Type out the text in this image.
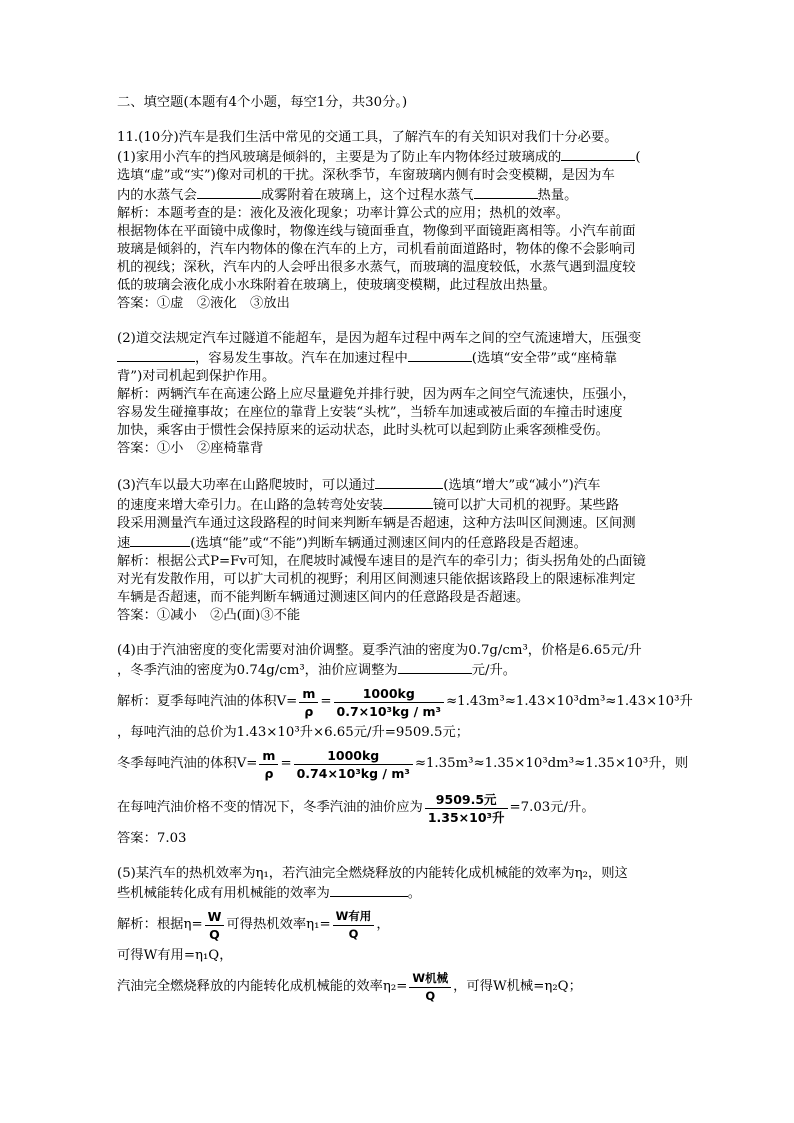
二、填空题(本题有4个小题，每空1分，共30分。)
11.(10分)汽车是我们生活中常见的交通工具，了解汽车的有关知识对我们十分必要。
(1)家用小汽车的挡风玻璃是倾斜的，主要是为了防止车内物体经过玻璃成的	(
选填“虚”或“实”)像对司机的干扰。深秋季节，车窗玻璃内侧有时会变模糊，是因为车
内的水蒸气会	成雾附着在玻璃上，这个过程水蒸气	热量。
解析：本题考查的是：液化及液化现象；功率计算公式的应用；热机的效率。
根据物体在平面镜中成像时，物像连线与镜面垂直，物像到平面镜距离相等。小汽车前面
玻璃是倾斜的，汽车内物体的像在汽车的上方，司机看前面道路时，物体的像不会影响司
机的视线；深秋，汽车内的人会呼出很多水蒸气，而玻璃的温度较低，水蒸气遇到温度较
低的玻璃会液化成小水珠附着在玻璃上，使玻璃变模糊，此过程放出热量。
答案：①虚　②液化　③放出
(2)道交法规定汽车过隧道不能超车，是因为超车过程中两车之间的空气流速增大，压强变
，容易发生事故。汽车在加速过程中	(选填“安全带”或“座椅靠
背”)对司机起到保护作用。
解析：两辆汽车在高速公路上应尽量避免并排行驶，因为两车之间空气流速快，压强小，
容易发生碰撞事故；在座位的靠背上安装“头枕”，当轿车加速或被后面的车撞击时速度
加快，乘客由于惯性会保持原来的运动状态，此时头枕可以起到防止乘客颈椎受伤。
答案：①小　②座椅靠背
(3)汽车以最大功率在山路爬坡时，可以通过	(选填“增大”或“减小”)汽车
的速度来增大牵引力。在山路的急转弯处安装	镜可以扩大司机的视野。某些路
段采用测量汽车通过这段路程的时间来判断车辆是否超速，这种方法叫区间测速。区间测
速	(选填“能”或“不能”)判断车辆通过测速区间内的任意路段是否超速。
解析：根据公式P=Fv可知，在爬坡时减慢车速目的是汽车的牵引力；街头拐角处的凸面镜
对光有发散作用，可以扩大司机的视野；利用区间测速只能依据该路段上的限速标准判定
车辆是否超速，而不能判断车辆通过测速区间内的任意路段是否超速。
答案：①减小　②凸(面)③不能
(4)由于汽油密度的变化需要对油价调整。夏季汽油的密度为0.7g/cm³，价格是6.65元/升
，冬季汽油的密度为0.74g/cm³，油价应调整为	元/升。
解析：夏季每吨汽油的体积$V= \frac{m}{\rho} = \frac{1000kg}{\text{0.7×10³kg / m³}} \approx 1.43m^3\approx 1.43\times 10^3dm^3\approx 1.43\times 10^3$升
，每吨汽油的总价为1.43×10³升×6.65元/升=9509.5元；
冬季每吨汽油的体积$V= \frac{m}{\rho} = \frac{1000kg}{\text{0.74×10³kg / m³}} \approx 1.35m^3\approx 1.35\times 10^3dm^3\approx 1.35\times 10^3$升，则
在每吨汽油价格不变的情况下，冬季汽油的油价应为 $\frac{\text{9509.5元}}{\text{1.35×10³升}} =7.03$元/升。
答案：7.03
(5)某汽车的热机效率为η₁，若汽油完全燃烧释放的内能转化成机械能的效率为η₂，则这
些机械能转化成有用机械能的效率为	。
解析：根据$\eta= \frac{W}{Q}$ 可得热机效率$\eta_1= \frac{\text{W有用}}{Q}$ ，
可得W有用=η₁Q，
汽油完全燃烧释放的内能转化成机械能的效率$\eta_2= \frac{\text{W机械}}{Q}$ ，可得W机械=η₂Q；
